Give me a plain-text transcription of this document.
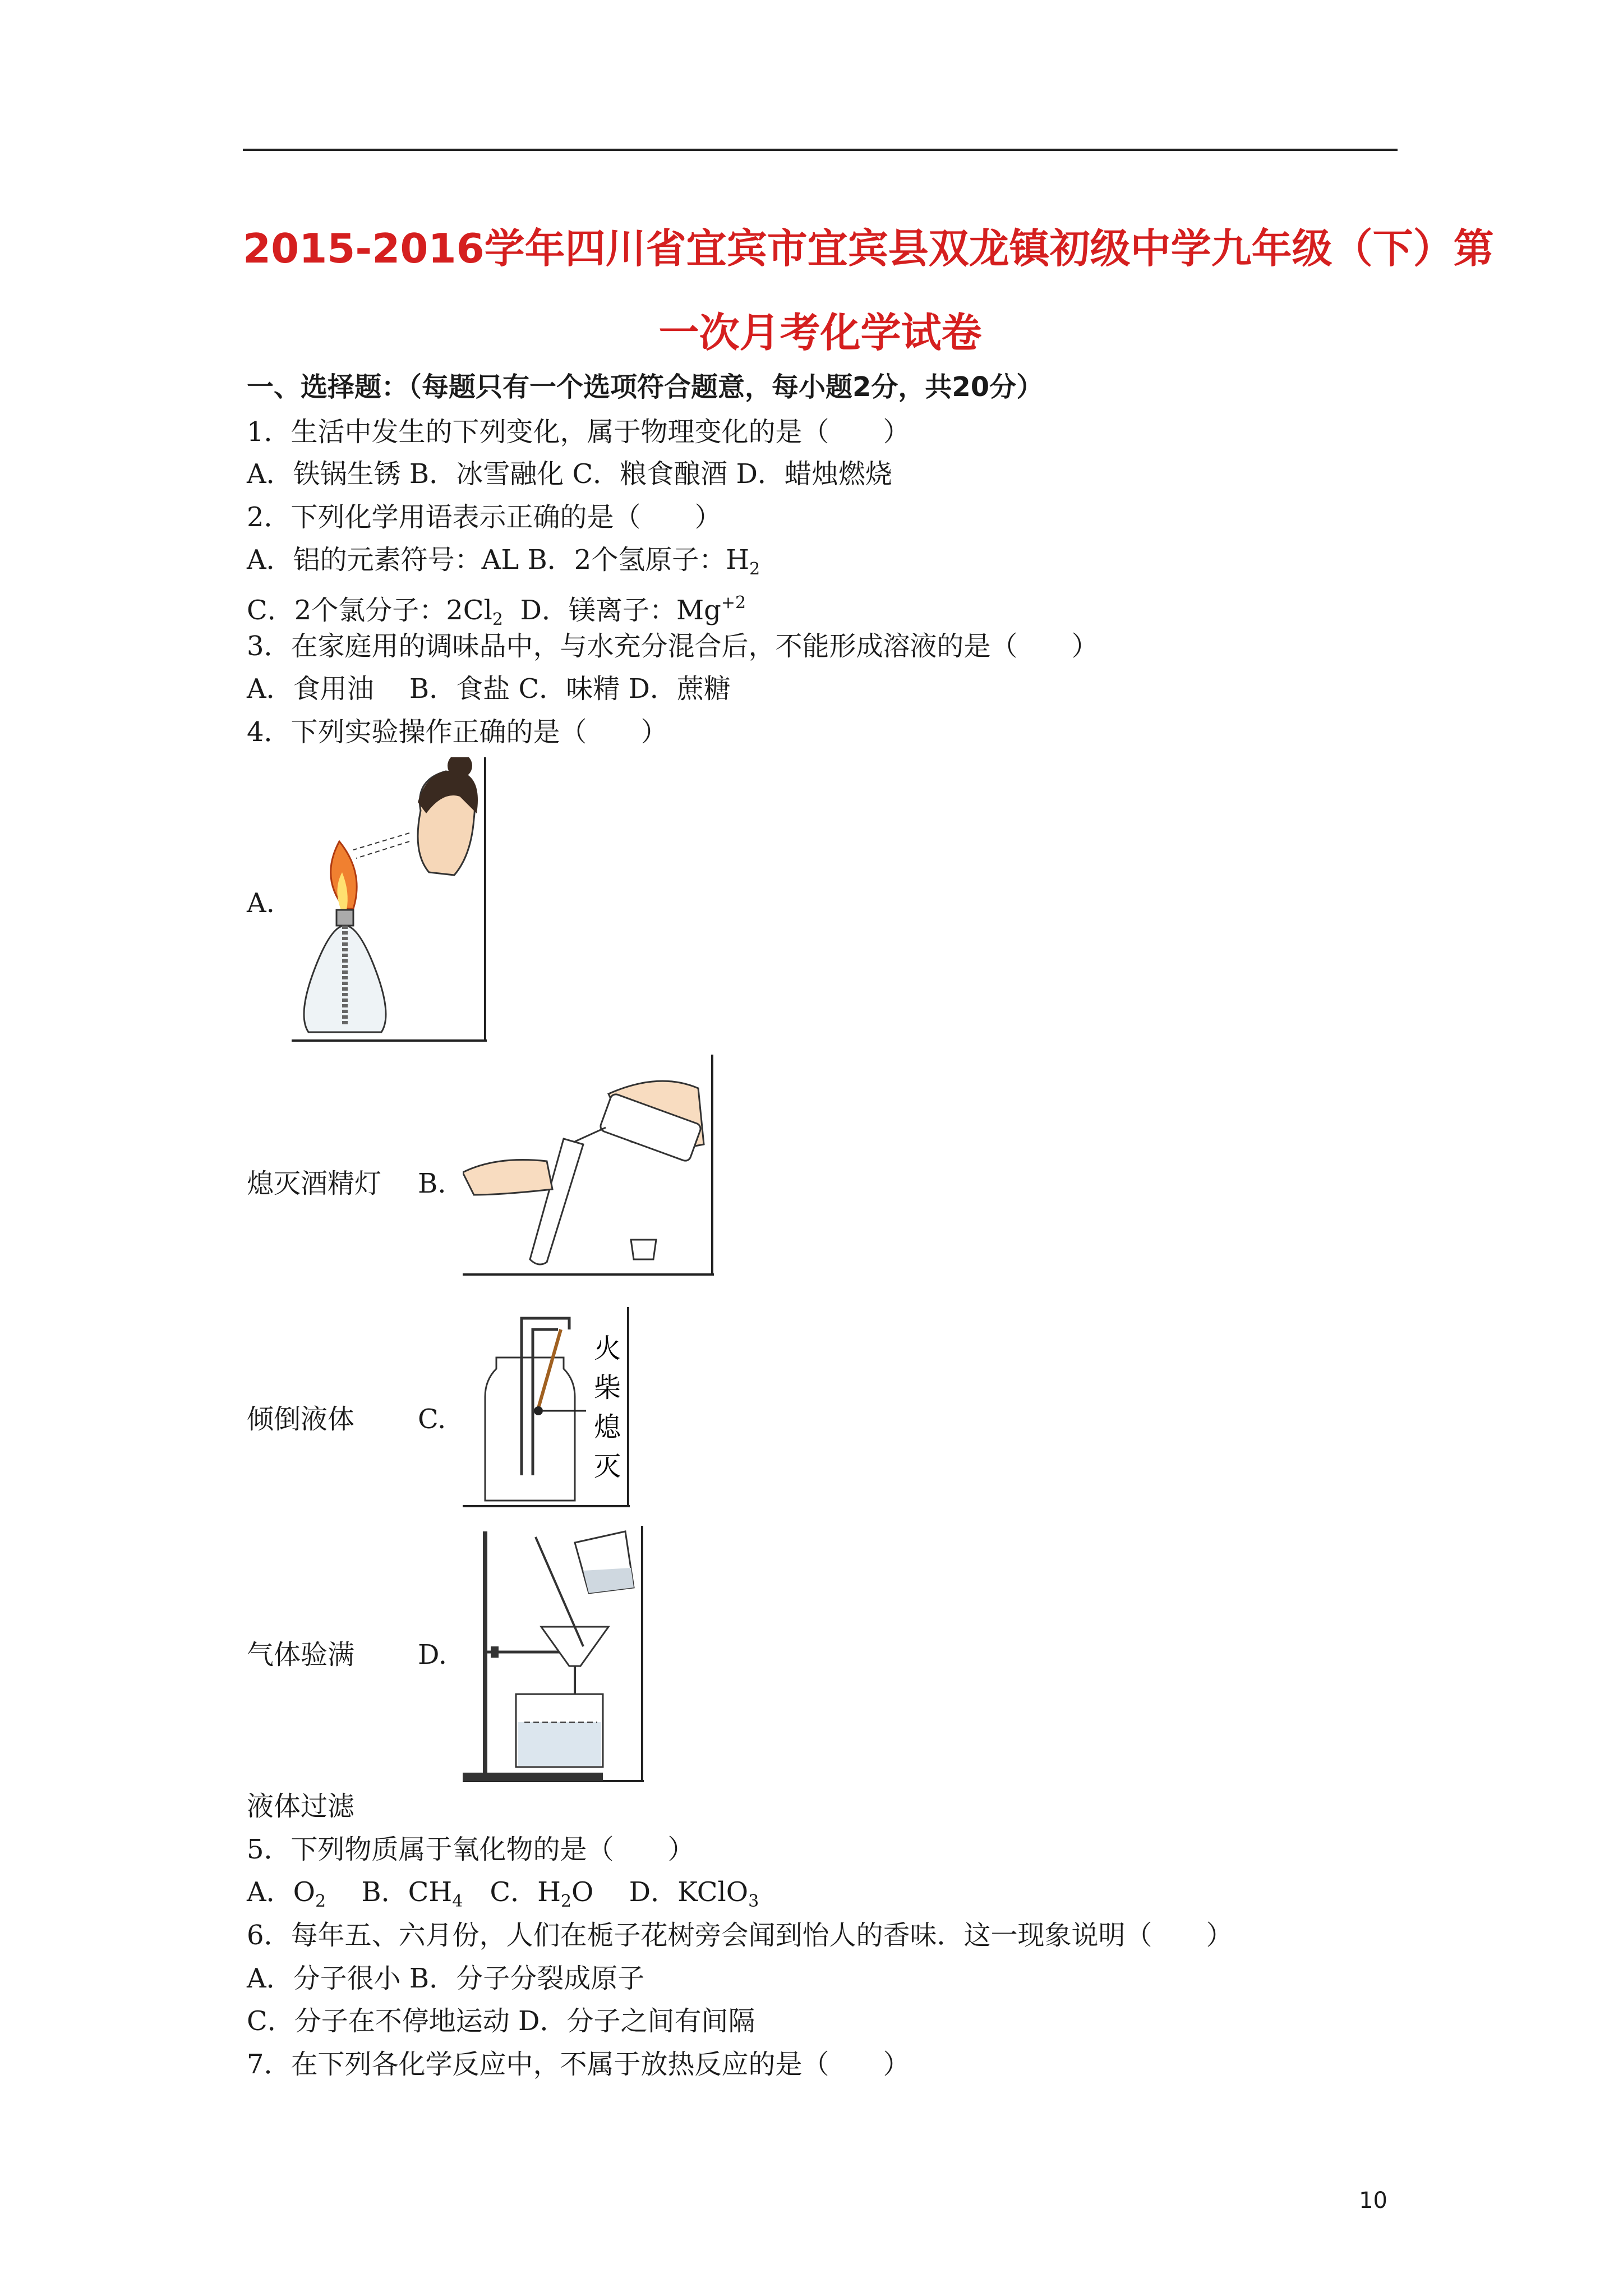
2015-2016学年四川省宜宾市宜宾县双龙镇初级中学九年级（下）第
一次月考化学试卷
一、选择题：（每题只有一个选项符合题意，每小题2分，共20分）
1．生活中发生的下列变化，属于物理变化的是（　　）
A．铁锅生锈 B．冰雪融化 C．粮食酿酒 D．蜡烛燃烧
2．下列化学用语表示正确的是（　　）
A．铝的元素符号：AL B．2个氢原子：$H_2$
C．2个氯分子：$2Cl_2$  D．镁离子：$Mg^{+2}$
3．在家庭用的调味品中，与水充分混合后，不能形成溶液的是（　　）
A．食用油　 B．食盐 C．味精 D．蔗糖
4．下列实验操作正确的是（　　）
A.
熄灭酒精灯 B.
倾倒液体 C.
火
柴
熄
灭
气体验满 D.
液体过滤
5．下列物质属于氧化物的是（　　）
A．$O_2$　 B．$CH_4$　C．$H_2O$　 D．KClO$_3$
6．每年五、六月份，人们在栀子花树旁会闻到怡人的香味．这一现象说明（　　）
A．分子很小 B．分子分裂成原子
C．分子在不停地运动 D．分子之间有间隔
7．在下列各化学反应中，不属于放热反应的是（　　）
10
